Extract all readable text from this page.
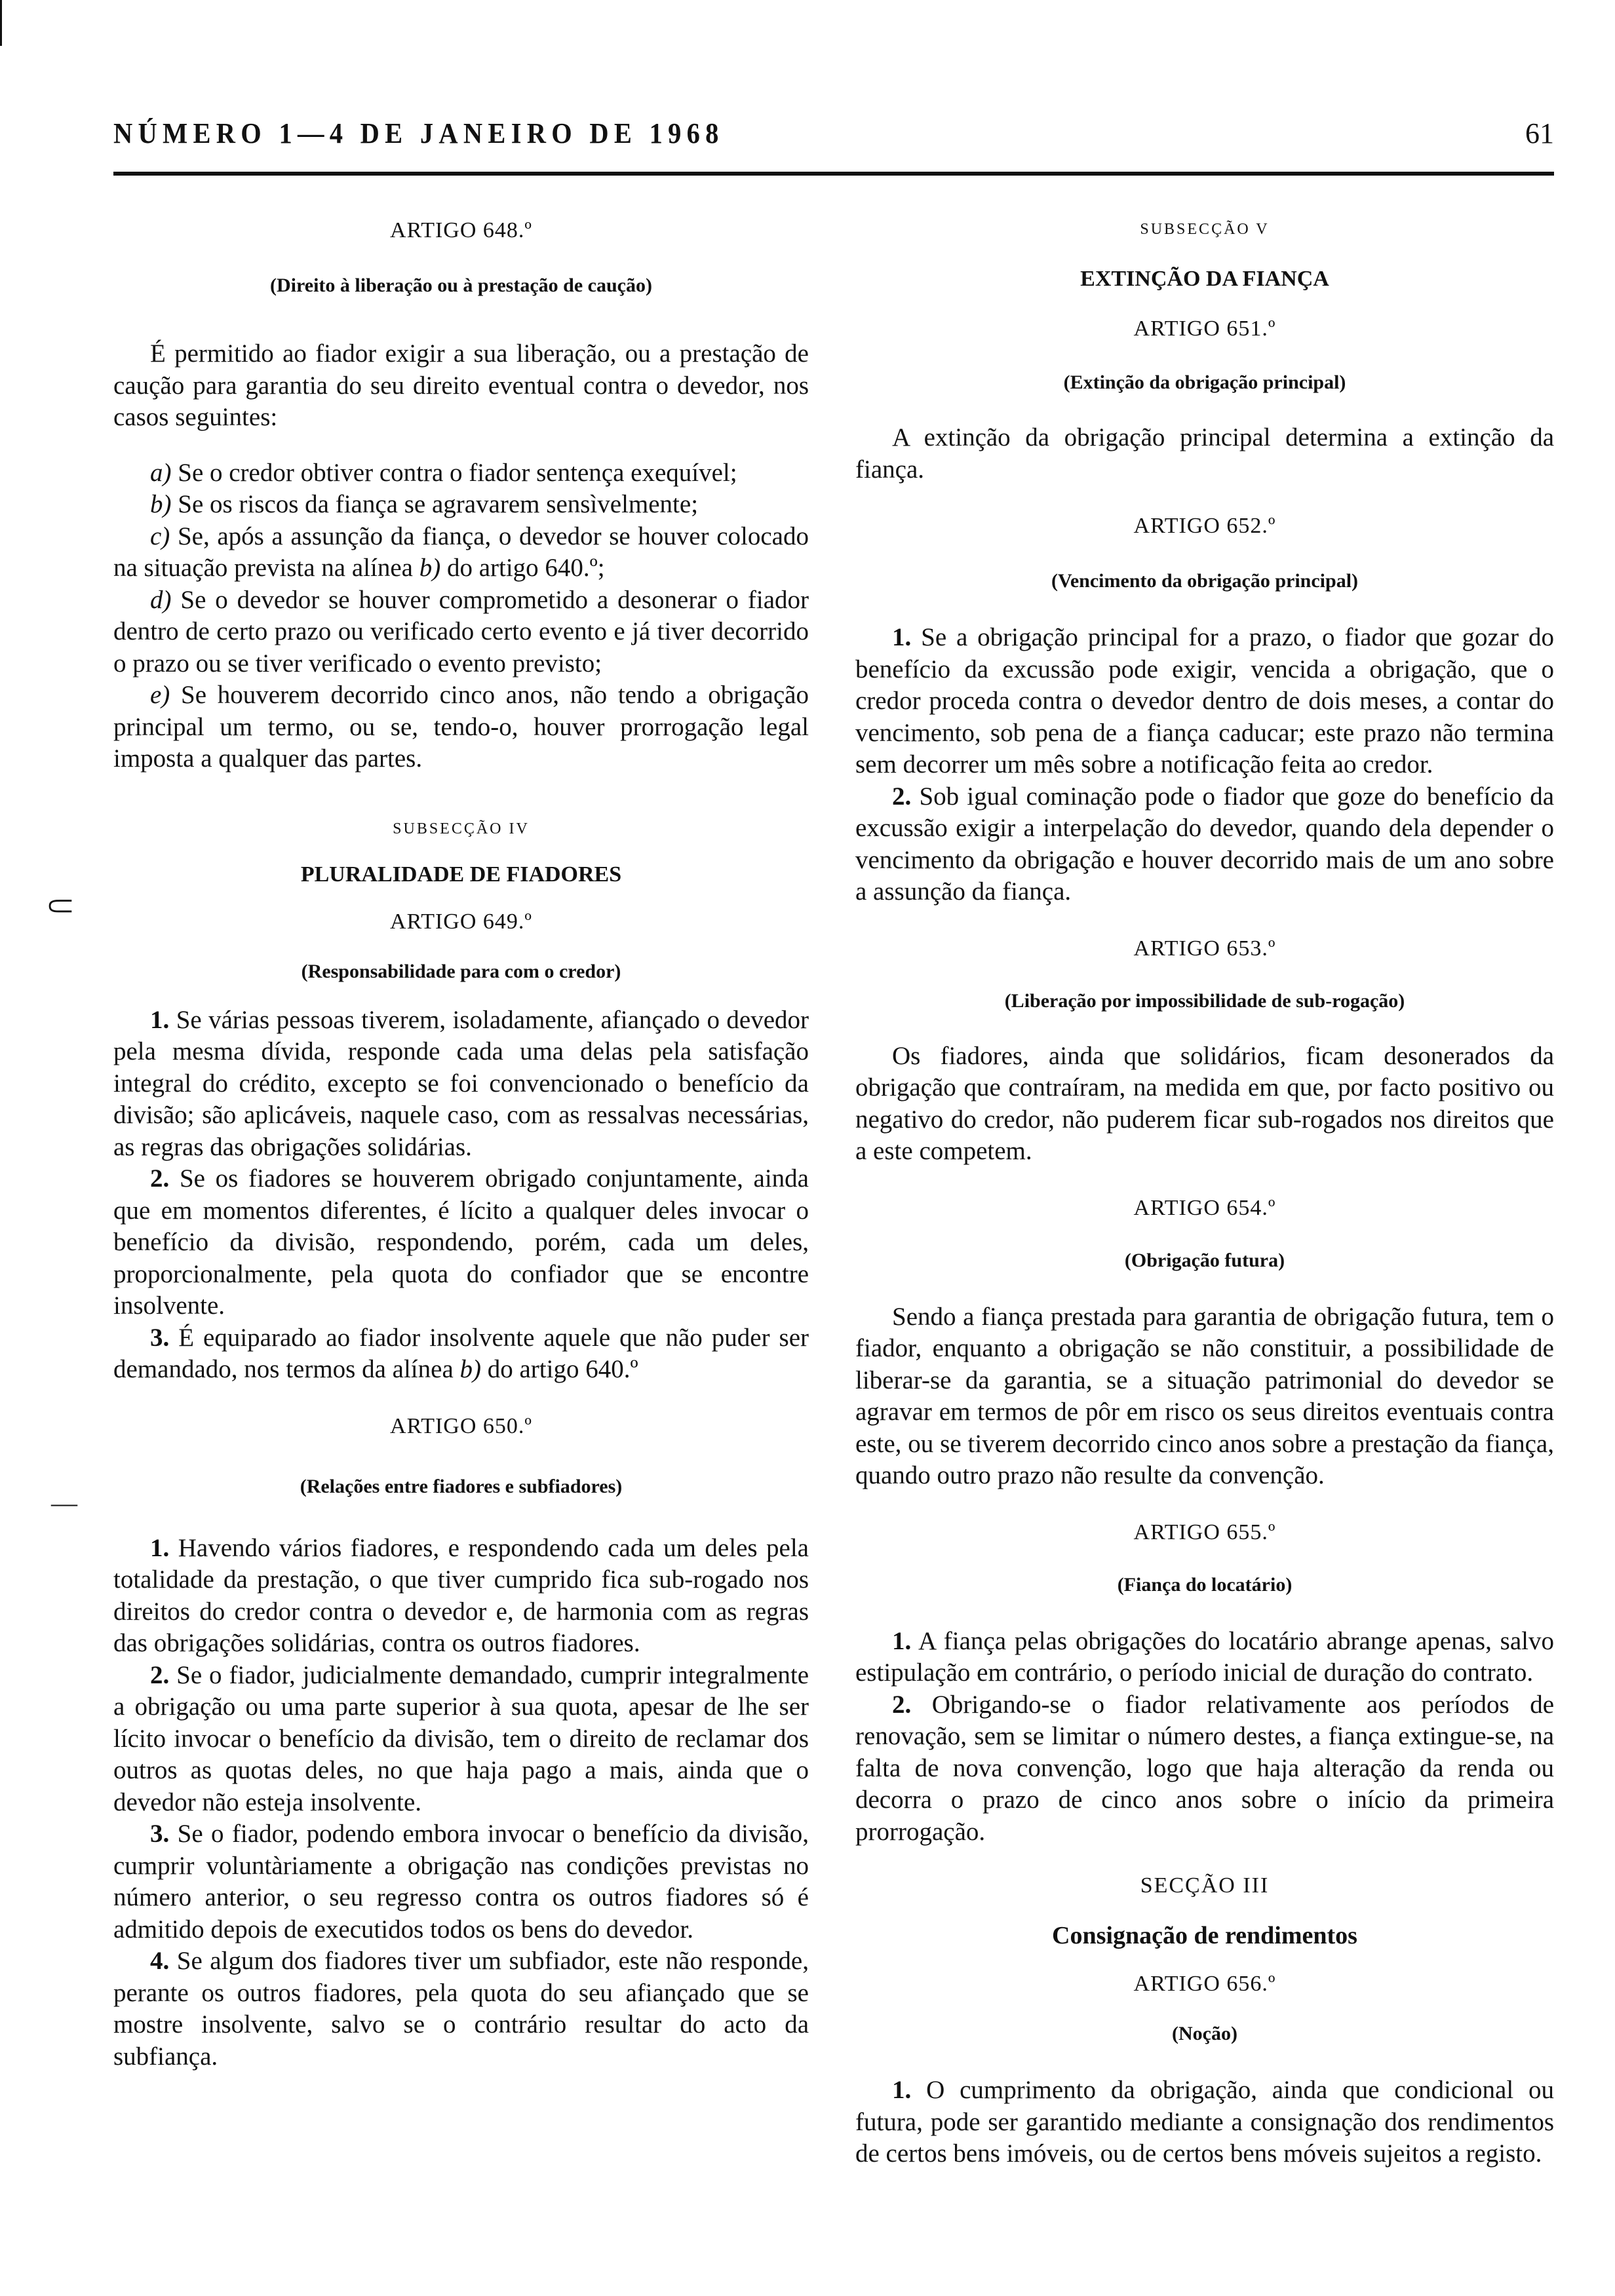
NÚMERO 1—4 DE JANEIRO DE 1968	61
⸦
―

ARTIGO 648.º

(Direito à liberação ou à prestação de caução)

É permitido ao fiador exigir a sua liberação, ou a prestação de caução para garantia do seu direito eventual contra o devedor, nos casos seguintes:

a) Se o credor obtiver contra o fiador sentença exequível;

b) Se os riscos da fiança se agravarem sensìvelmente;

c) Se, após a assunção da fiança, o devedor se houver colocado na situação prevista na alínea b) do artigo 640.º;

d) Se o devedor se houver comprometido a desonerar o fiador dentro de certo prazo ou verificado certo evento e já tiver decorrido o prazo ou se tiver verificado o evento previsto;

e) Se houverem decorrido cinco anos, não tendo a obrigação principal um termo, ou se, tendo-o, houver prorrogação legal imposta a qualquer das partes.

SUBSECÇÃO IV

PLURALIDADE DE FIADORES

ARTIGO 649.º

(Responsabilidade para com o credor)

1. Se várias pessoas tiverem, isoladamente, afiançado o devedor pela mesma dívida, responde cada uma delas pela satisfação integral do crédito, excepto se foi convencionado o benefício da divisão; são aplicáveis, naquele caso, com as ressalvas necessárias, as regras das obrigações solidárias.

2. Se os fiadores se houverem obrigado conjuntamente, ainda que em momentos diferentes, é lícito a qualquer deles invocar o benefício da divisão, respondendo, porém, cada um deles, proporcionalmente, pela quota do confiador que se encontre insolvente.

3. É equiparado ao fiador insolvente aquele que não puder ser demandado, nos termos da alínea b) do artigo 640.º

ARTIGO 650.º

(Relações entre fiadores e subfiadores)

1. Havendo vários fiadores, e respondendo cada um deles pela totalidade da prestação, o que tiver cumprido fica sub-rogado nos direitos do credor contra o devedor e, de harmonia com as regras das obrigações solidárias, contra os outros fiadores.

2. Se o fiador, judicialmente demandado, cumprir integralmente a obrigação ou uma parte superior à sua quota, apesar de lhe ser lícito invocar o benefício da divisão, tem o direito de reclamar dos outros as quotas deles, no que haja pago a mais, ainda que o devedor não esteja insolvente.

3. Se o fiador, podendo embora invocar o benefício da divisão, cumprir voluntàriamente a obrigação nas condições previstas no número anterior, o seu regresso contra os outros fiadores só é admitido depois de executidos todos os bens do devedor.

4. Se algum dos fiadores tiver um subfiador, este não responde, perante os outros fiadores, pela quota do seu afiançado que se mostre insolvente, salvo se o contrário resultar do acto da subfiança.

SUBSECÇÃO V

EXTINÇÃO DA FIANÇA

ARTIGO 651.º

(Extinção da obrigação principal)

A extinção da obrigação principal determina a extinção da fiança.

ARTIGO 652.º

(Vencimento da obrigação principal)

1. Se a obrigação principal for a prazo, o fiador que gozar do benefício da excussão pode exigir, vencida a obrigação, que o credor proceda contra o devedor dentro de dois meses, a contar do vencimento, sob pena de a fiança caducar; este prazo não termina sem decorrer um mês sobre a notificação feita ao credor.

2. Sob igual cominação pode o fiador que goze do benefício da excussão exigir a interpelação do devedor, quando dela depender o vencimento da obrigação e houver decorrido mais de um ano sobre a assunção da fiança.

ARTIGO 653.º

(Liberação por impossibilidade de sub-rogação)

Os fiadores, ainda que solidários, ficam desonerados da obrigação que contraíram, na medida em que, por facto positivo ou negativo do credor, não puderem ficar sub-rogados nos direitos que a este competem.

ARTIGO 654.º

(Obrigação futura)

Sendo a fiança prestada para garantia de obrigação futura, tem o fiador, enquanto a obrigação se não constituir, a possibilidade de liberar-se da garantia, se a situação patrimonial do devedor se agravar em termos de pôr em risco os seus direitos eventuais contra este, ou se tiverem decorrido cinco anos sobre a prestação da fiança, quando outro prazo não resulte da convenção.

ARTIGO 655.º

(Fiança do locatário)

1. A fiança pelas obrigações do locatário abrange apenas, salvo estipulação em contrário, o período inicial de duração do contrato.

2. Obrigando-se o fiador relativamente aos períodos de renovação, sem se limitar o número destes, a fiança extingue-se, na falta de nova convenção, logo que haja alteração da renda ou decorra o prazo de cinco anos sobre o início da primeira prorrogação.

SECÇÃO III

Consignação de rendimentos

ARTIGO 656.º

(Noção)

1. O cumprimento da obrigação, ainda que condicional ou futura, pode ser garantido mediante a consignação dos rendimentos de certos bens imóveis, ou de certos bens móveis sujeitos a registo.
